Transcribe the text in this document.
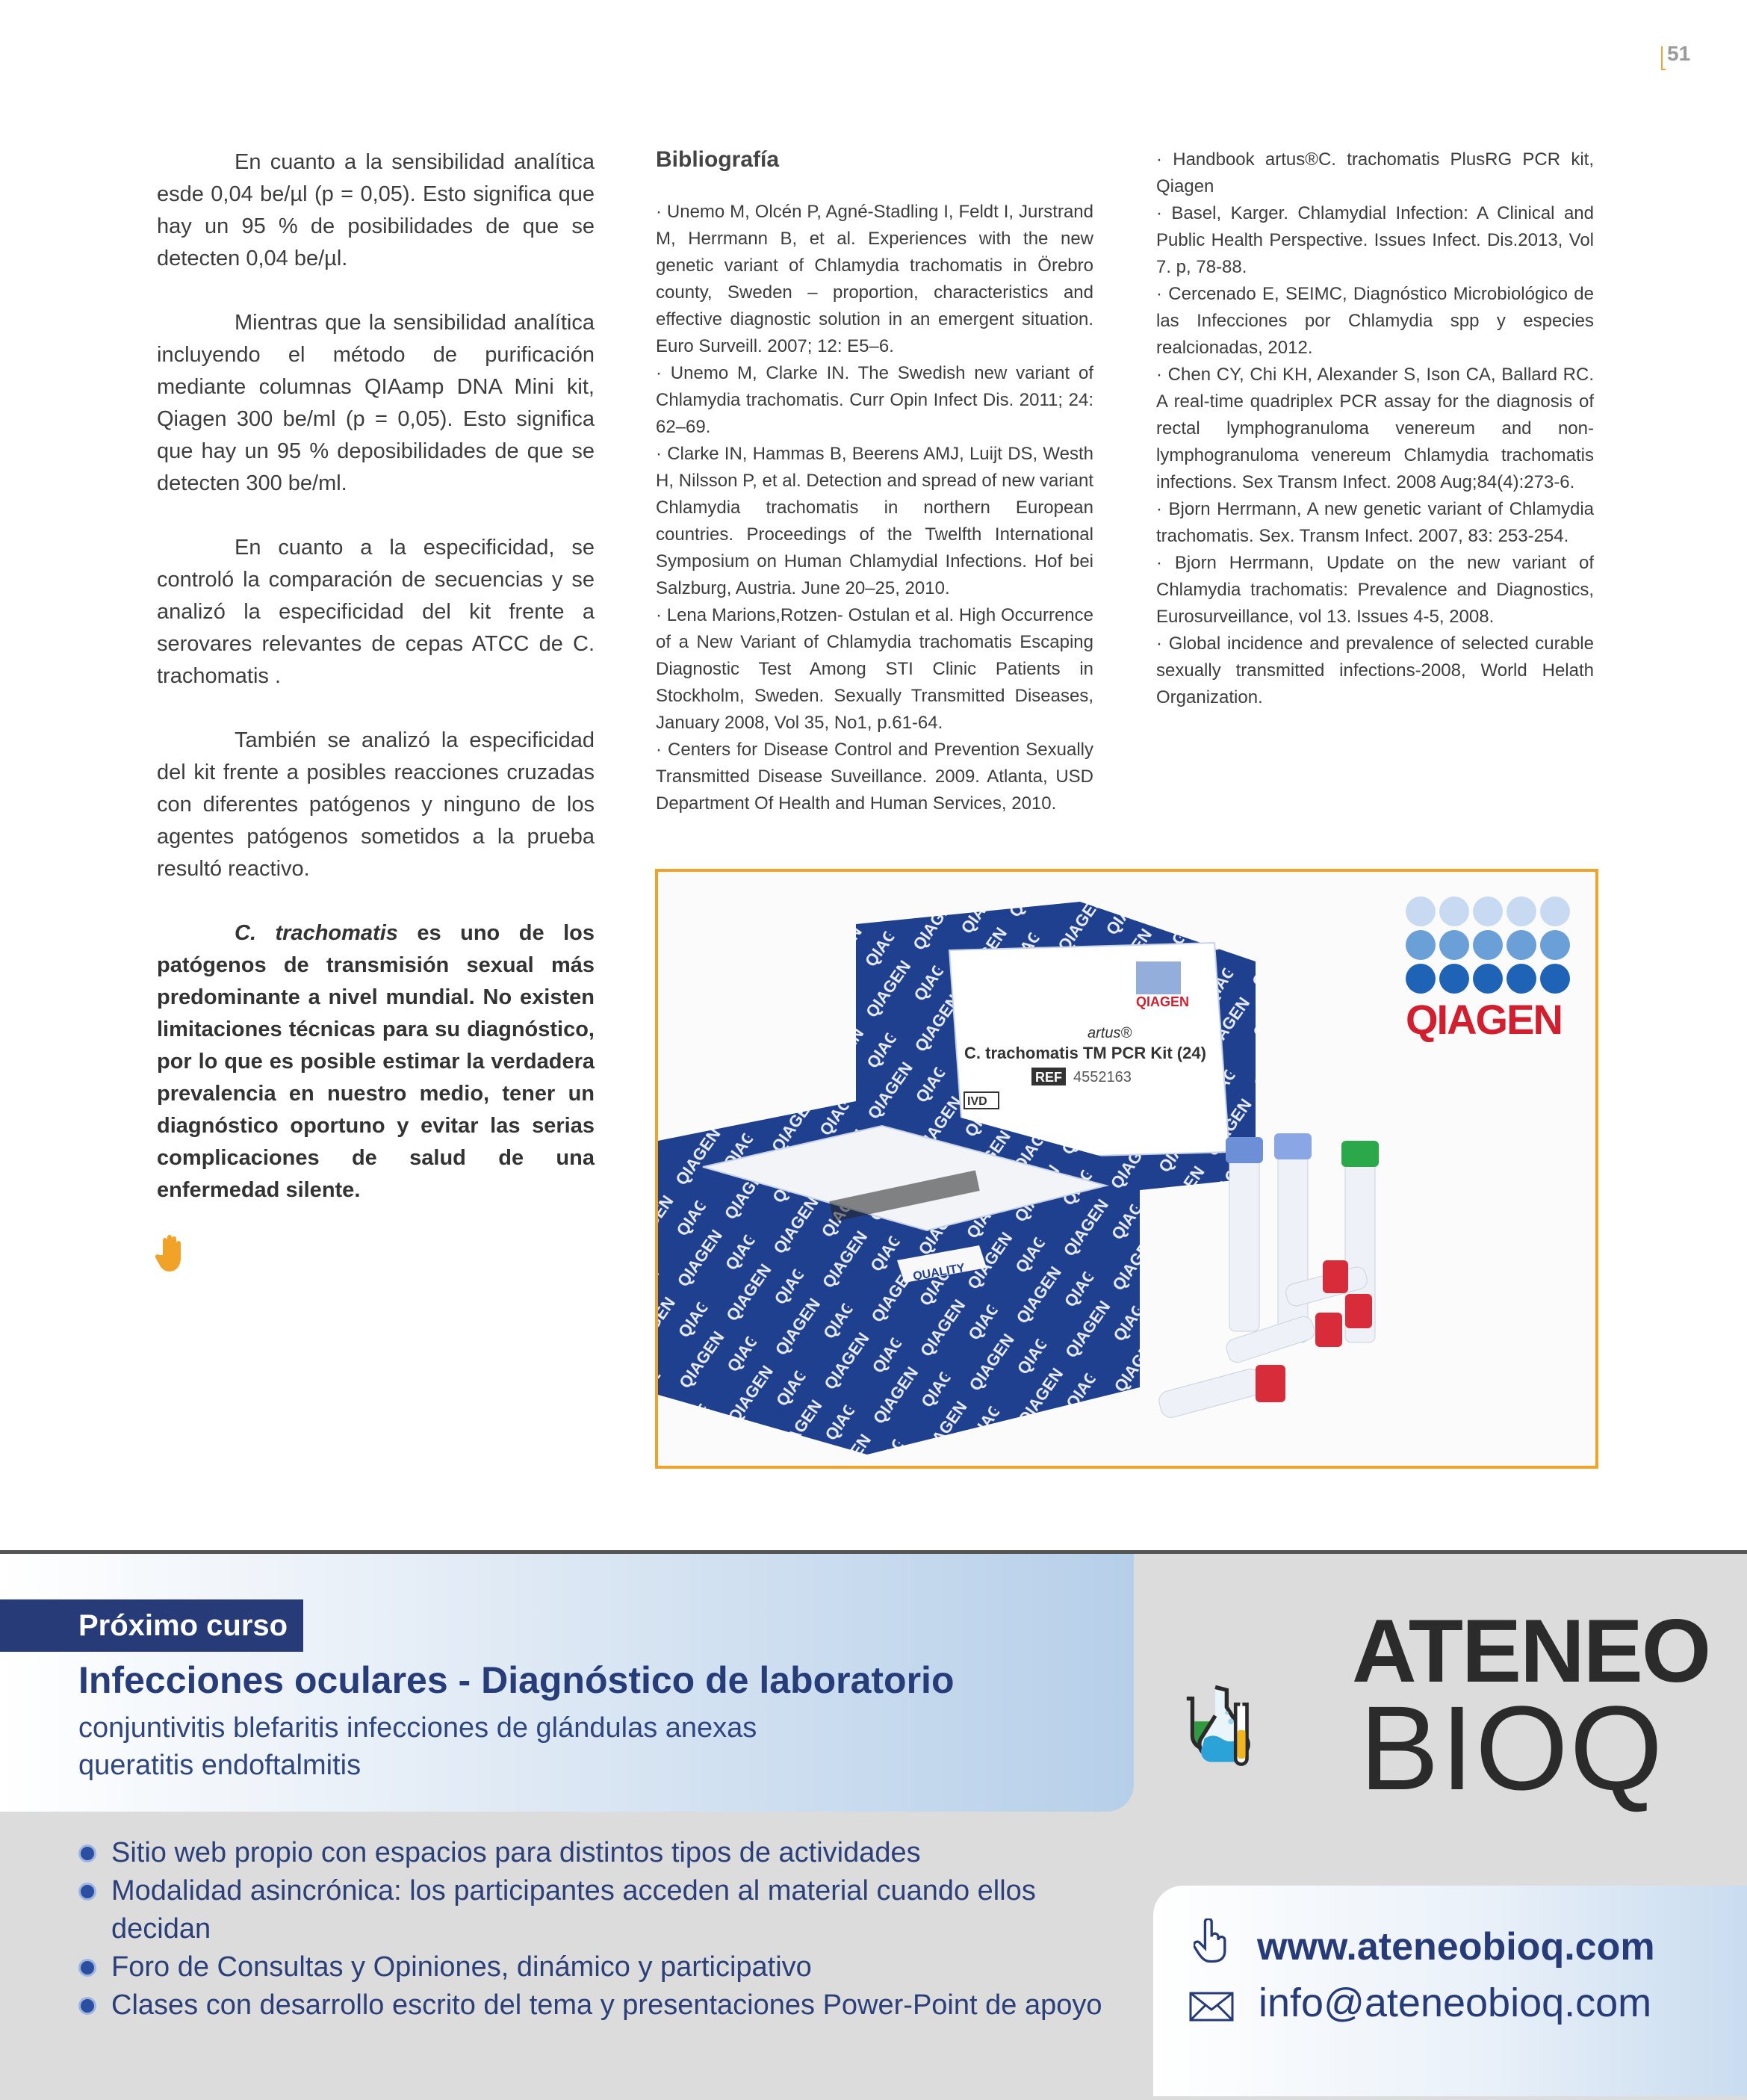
51

En cuanto a la sensibilidad analítica esde 0,04 be/µl (p = 0,05). Esto significa que hay un 95 % de posibilidades de que se detecten 0,04 be/µl.

Mientras que la sensibilidad analítica incluyendo el método de purificación mediante columnas QIAamp DNA Mini kit, Qiagen 300 be/ml (p = 0,05). Esto significa que hay un 95 % deposibilidades de que se detecten 300 be/ml.

En cuanto a la especificidad, se controló la comparación de secuencias y se analizó la especificidad del kit frente a serovares relevantes de cepas ATCC de C. trachomatis .

También se analizó la especificidad del kit frente a posibles reacciones cruzadas con diferentes patógenos y ninguno de los agentes patógenos sometidos a la prueba resultó reactivo.

C. trachomatis es uno de los patógenos de transmisión sexual más predominante a nivel mundial. No existen limitaciones técnicas para su diagnóstico, por lo que es posible estimar la verdadera prevalencia en nuestro medio, tener un diagnóstico oportuno y evitar las serias complicaciones de salud de una enfermedad silente.

Bibliografía

· Unemo M, Olcén P, Agné-Stadling I, Feldt I, Jurstrand M, Herrmann B, et al. Experiences with the new genetic variant of Chlamydia trachomatis in Örebro county, Sweden – proportion, characteristics and effective diagnostic solution in an emergent situation. Euro Surveill. 2007; 12: E5–6.

· Unemo M, Clarke IN. The Swedish new variant of Chlamydia trachomatis. Curr Opin Infect Dis. 2011; 24: 62–69.

· Clarke IN, Hammas B, Beerens AMJ, Luijt DS, Westh H, Nilsson P, et al. Detection and spread of new variant Chlamydia trachomatis in northern European countries. Proceedings of the Twelfth International Symposium on Human Chlamydial Infections. Hof bei Salzburg, Austria. June 20–25, 2010.

· Lena Marions,Rotzen- Ostulan et al. High Occurrence of a New Variant of Chlamydia trachomatis Escaping Diagnostic Test Among STI Clinic Patients in Stockholm, Sweden. Sexually Transmitted Diseases, January 2008, Vol 35, No1, p.61-64.

· Centers for Disease Control and Prevention Sexually Transmitted Disease Suveillance. 2009. Atlanta, USD Department Of Health and Human Services, 2010.

· Handbook artus®C. trachomatis PlusRG PCR kit, Qiagen

· Basel, Karger. Chlamydial Infection: A Clinical and Public Health Perspective. Issues Infect. Dis.2013, Vol 7. p, 78-88.

· Cercenado E, SEIMC, Diagnóstico Microbiológico de las Infecciones por Chlamydia spp y especies realcionadas, 2012.

· Chen CY, Chi KH, Alexander S, Ison CA, Ballard RC. A real-time quadriplex PCR assay for the diagnosis of rectal lymphogranuloma venereum and non-lymphogranuloma venereum Chlamydia trachomatis infections. Sex Transm Infect. 2008 Aug;84(4):273-6.

· Bjorn Herrmann, A new genetic variant of Chlamydia trachomatis. Sex. Transm Infect. 2007, 83: 253-254.

· Bjorn Herrmann, Update on the new variant of Chlamydia trachomatis: Prevalence and Diagnostics, Eurosurveillance, vol 13. Issues 4-5, 2008.

· Global incidence and prevalence of selected curable sexually transmitted infections-2008, World Helath Organization.

QIAGEN
artus®
C. trachomatis TM PCR Kit (24)
REF 4552163
IVD
QUALITY
QIAGEN
Próximo curso
Infecciones oculares - Diagnóstico de laboratorio
conjuntivitis blefaritis infecciones de glándulas anexas
queratitis endoftalmitis
Sitio web propio con espacios para distintos tipos de actividades
Modalidad asincrónica: los participantes acceden al material cuando ellos decidan
Foro de Consultas y Opiniones, dinámico y participativo
Clases con desarrollo escrito del tema y presentaciones Power-Point de apoyo
ATENEO
BIOQ
www.ateneobioq.com
info@ateneobioq.com
